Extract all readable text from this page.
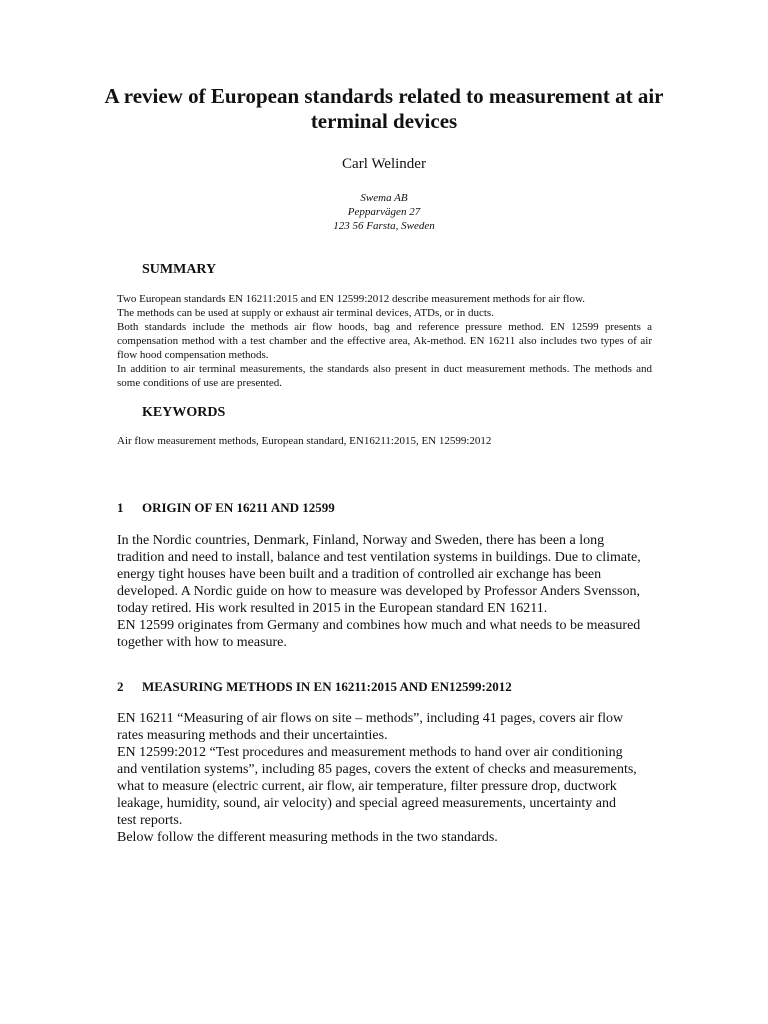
A review of European standards related to measurement at air terminal devices

Carl Welinder

Swema AB
Pepparvägen 27
123 56 Farsta, Sweden
SUMMARY

Two European standards EN 16211:2015 and EN 12599:2012 describe measurement methods for air flow.

The methods can be used at supply or exhaust air terminal devices, ATDs, or in ducts.

Both standards include the methods air flow hoods, bag and reference pressure method. EN 12599 presents a compensation method with a test chamber and the effective area, Ak-method. EN 16211 also includes two types of air flow hood compensation methods.

In addition to air terminal measurements, the standards also present in duct measurement methods. The methods and some conditions of use are presented.

KEYWORDS

Air flow measurement methods, European standard, EN16211:2015, EN 12599:2012

1 ORIGIN OF EN 16211 AND 12599

In the Nordic countries, Denmark, Finland, Norway and Sweden, there has been a long tradition and need to install, balance and test ventilation systems in buildings. Due to climate, energy tight houses have been built and a tradition of controlled air exchange has been developed. A Nordic guide on how to measure was developed by Professor Anders Svensson, today retired. His work resulted in 2015 in the European standard EN 16211.

EN 12599 originates from Germany and combines how much and what needs to be measured together with how to measure.

2 MEASURING METHODS IN EN 16211:2015 AND EN12599:2012

EN 16211 “Measuring of air flows on site – methods”, including 41 pages, covers air flow rates measuring methods and their uncertainties.

EN 12599:2012 “Test procedures and measurement methods to hand over air conditioning and ventilation systems”, including 85 pages, covers the extent of checks and measurements, what to measure (electric current, air flow, air temperature, filter pressure drop, ductwork leakage, humidity, sound, air velocity) and special agreed measurements, uncertainty and test reports.

Below follow the different measuring methods in the two standards.
